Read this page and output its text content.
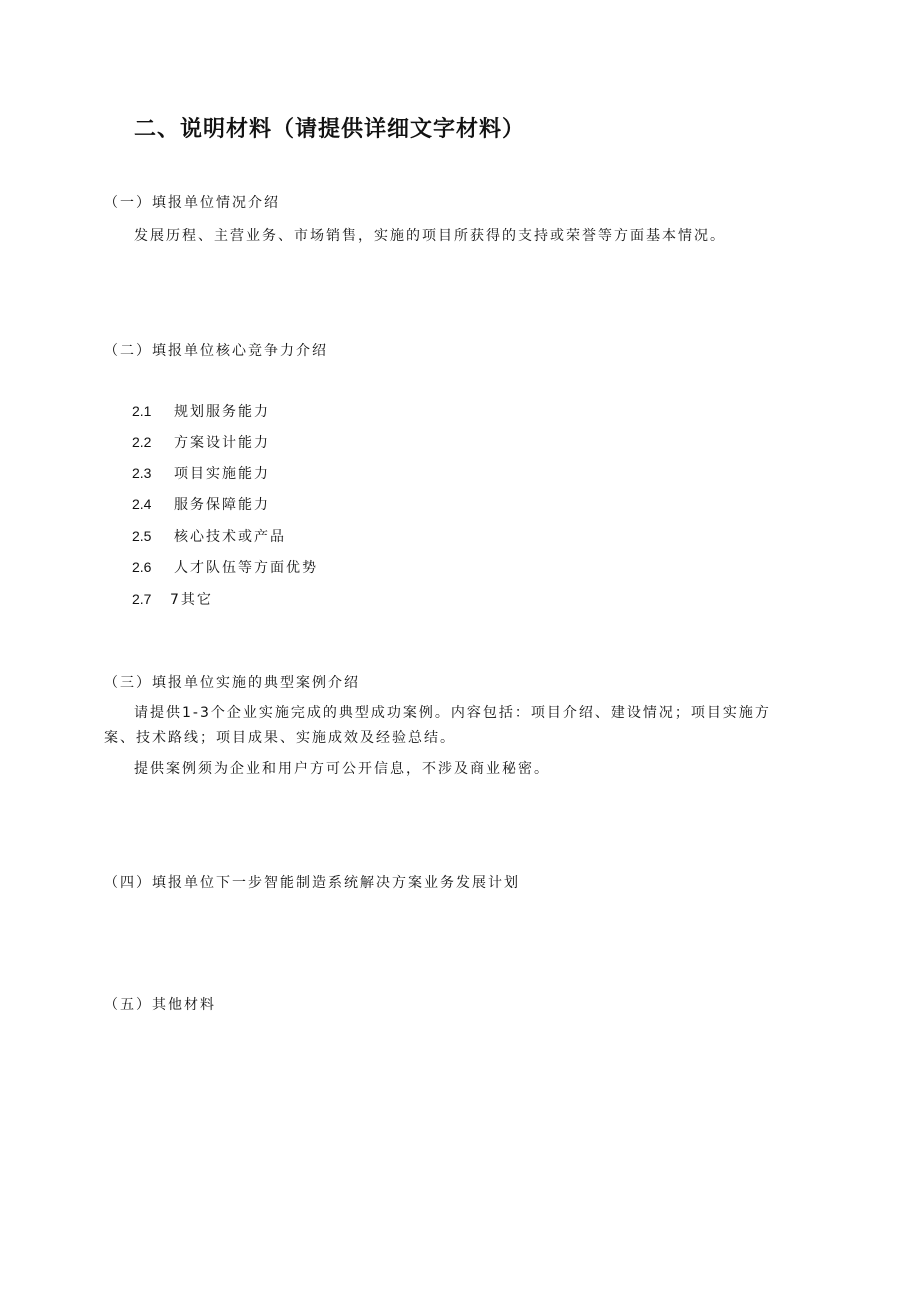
二、说明材料（请提供详细文字材料）
（一）填报单位情况介绍
发展历程、主营业务、市场销售，实施的项目所获得的支持或荣誉等方面基本情况。
（二）填报单位核心竞争力介绍
2.1 规划服务能力
2.2 方案设计能力
2.3 项目实施能力
2.4 服务保障能力
2.5 核心技术或产品
2.6 人才队伍等方面优势
2.7 7其它
（三）填报单位实施的典型案例介绍
请提供1-3个企业实施完成的典型成功案例。内容包括：项目介绍、建设情况；项目实施方
案、技术路线；项目成果、实施成效及经验总结。
提供案例须为企业和用户方可公开信息，不涉及商业秘密。
（四）填报单位下一步智能制造系统解决方案业务发展计划
（五）其他材料
